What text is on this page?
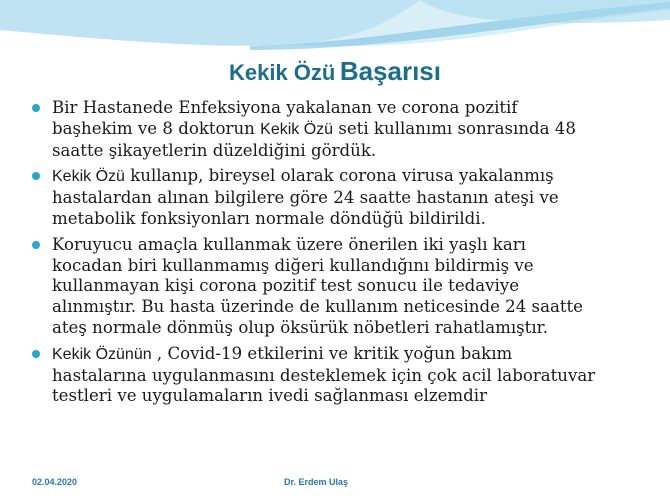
Kekik Özü Başarısı
Bir Hastanede Enfeksiyona yakalanan ve corona pozitif
başhekim ve 8 doktorun Kekik Özü seti kullanımı sonrasında 48
saatte şikayetlerin düzeldiğini gördük.
Kekik Özü kullanıp, bireysel olarak corona virusa yakalanmış
hastalardan alınan bilgilere göre 24 saatte hastanın ateşi ve
metabolik fonksiyonları normale döndüğü bildirildi.
Koruyucu amaçla kullanmak üzere önerilen iki yaşlı karı
kocadan biri kullanmamış diğeri kullandığını bildirmiş ve
kullanmayan kişi corona pozitif test sonucu ile tedaviye
alınmıştır. Bu hasta üzerinde de kullanım neticesinde 24 saatte
ateş normale dönmüş olup öksürük nöbetleri rahatlamıştır.
Kekik Özünün , Covid-19 etkilerini ve kritik yoğun bakım
hastalarına uygulanmasını desteklemek için çok acil laboratuvar
testleri ve uygulamaların ivedi sağlanması elzemdir
02.04.2020	Dr. Erdem Ulaş
